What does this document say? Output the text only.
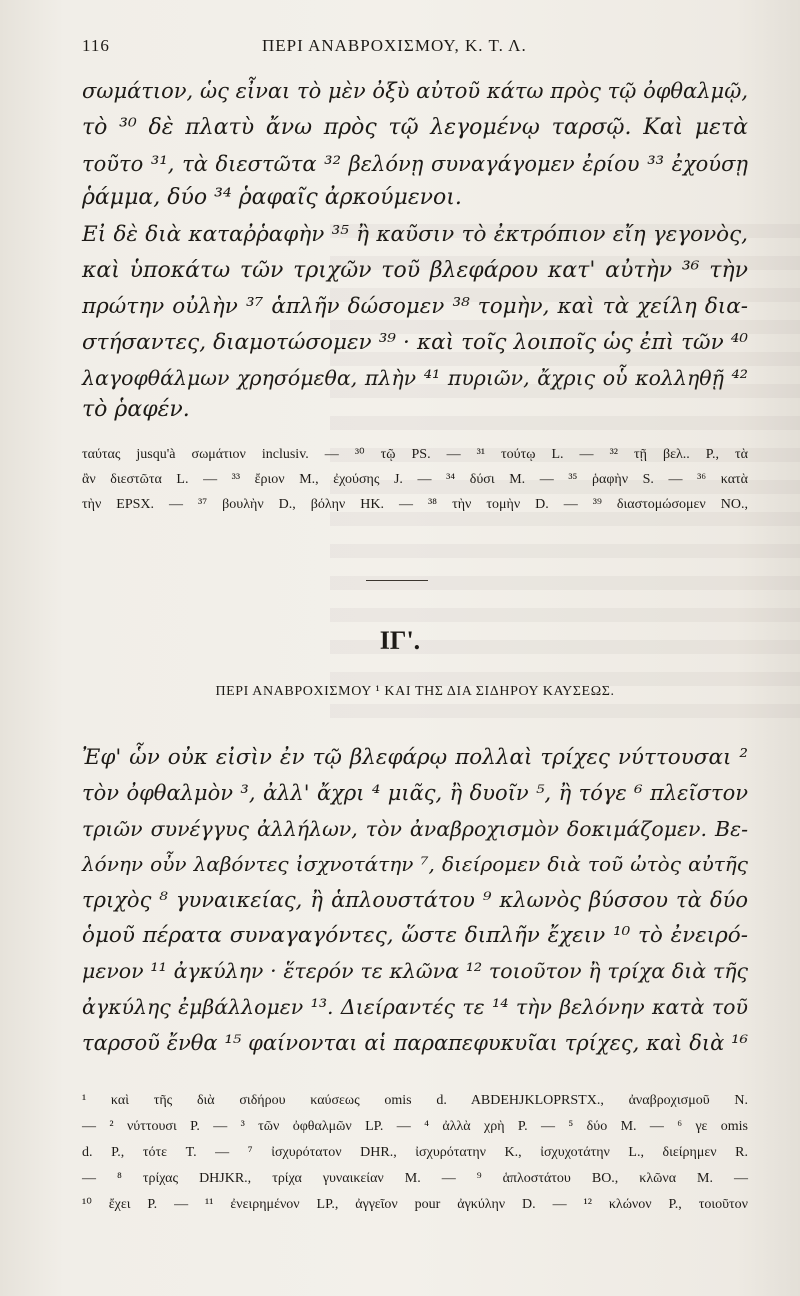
116	ΠΕΡΙ ΑΝΑΒΡΟΧΙΣΜΟΥ, Κ. Τ. Λ.
σωμάτιον, ὡς εἶναι τὸ μὲν ὀξὺ αὐτοῦ κάτω πρὸς τῷ ὀφθαλμῷ,
τὸ ³⁰ δὲ πλατὺ ἄνω πρὸς τῷ λεγομένῳ ταρσῷ. Καὶ μετὰ
τοῦτο ³¹, τὰ διεστῶτα ³² βελόνῃ συναγάγομεν ἐρίου ³³ ἐχούσῃ
ῥάμμα, δύο ³⁴ ῥαφαῖς ἀρκούμενοι.
Εἰ δὲ διὰ καταῤῥαφὴν ³⁵ ἢ καῦσιν τὸ ἐκτρόπιον εἴη γεγονὸς,
καὶ ὑποκάτω τῶν τριχῶν τοῦ βλεφάρου κατ' αὐτὴν ³⁶ τὴν
πρώτην οὐλὴν ³⁷ ἁπλῆν δώσομεν ³⁸ τομὴν, καὶ τὰ χείλη δια-
στήσαντες, διαμοτώσομεν ³⁹ · καὶ τοῖς λοιποῖς ὡς ἐπὶ τῶν ⁴⁰
λαγοφθάλμων χρησόμεθα, πλὴν ⁴¹ πυριῶν, ἄχρις οὗ κολληθῇ ⁴²
τὸ ῥαφέν.
ταύτας jusqu'à σωμάτιον inclusiv. — ³⁰ τῷ PS. — ³¹ τούτῳ L. — ³² τῇ βελ.. P., τὰ
ἂν διεστῶτα L. — ³³ ἔριον M., ἐχούσης J. — ³⁴ δύσι M. — ³⁵ ῥαφὴν S. — ³⁶ κατὰ
τὴν EPSX. — ³⁷ βουλὴν D., βόλην HK. — ³⁸ τὴν τομὴν D. — ³⁹ διαστομώσομεν NO.,
ΙΓ'.
ΠΕΡΙ ΑΝΑΒΡΟΧΙΣΜΟΥ ¹ ΚΑΙ ΤΗΣ ΔΙΑ ΣΙΔΗΡΟΥ ΚΑΥΣΕΩΣ.
Ἐφ' ὧν οὐκ εἰσὶν ἐν τῷ βλεφάρῳ πολλαὶ τρίχες νύττουσαι ²
τὸν ὀφθαλμὸν ³, ἀλλ' ἄχρι ⁴ μιᾶς, ἢ δυοῖν ⁵, ἢ τόγε ⁶ πλεῖστον
τριῶν συνέγγυς ἀλλήλων, τὸν ἀναβροχισμὸν δοκιμάζομεν. Βε-
λόνην οὖν λαβόντες ἰσχνοτάτην ⁷, διείρομεν διὰ τοῦ ὠτὸς αὐτῆς
τριχὸς ⁸ γυναικείας, ἢ ἁπλουστάτου ⁹ κλωνὸς βύσσου τὰ δύο
ὁμοῦ πέρατα συναγαγόντες, ὥστε διπλῆν ἔχειν ¹⁰ τὸ ἐνειρό-
μενον ¹¹ ἀγκύλην · ἕτερόν τε κλῶνα ¹² τοιοῦτον ἢ τρίχα διὰ τῆς
ἀγκύλης ἐμβάλλομεν ¹³. Διείραντές τε ¹⁴ τὴν βελόνην κατὰ τοῦ
ταρσοῦ ἔνθα ¹⁵ φαίνονται αἱ παραπεφυκυῖαι τρίχες, καὶ διὰ ¹⁶
¹ καὶ τῆς διὰ σιδήρου καύσεως omis d. ABDEHJKLOPRSTX., ἀναβροχισμοῦ N.
— ² νύττουσι P. — ³ τῶν ὀφθαλμῶν LP. — ⁴ ἀλλὰ χρὴ P. — ⁵ δύο M. — ⁶ γε omis
d. P., τότε T. — ⁷ ἰσχυρότατον DHR., ἰσχυρότατην K., ἰσχυχοτάτην L., διείρημεν R.
— ⁸ τρίχας DHJKR., τρίχα γυναικείαν M. — ⁹ ἁπλοστάτου BO., κλῶνα M. —
¹⁰ ἔχει P. — ¹¹ ἐνειρημένον LP., ἀγγεῖον pour ἀγκύλην D. — ¹² κλώνον P., τοιοῦτον
